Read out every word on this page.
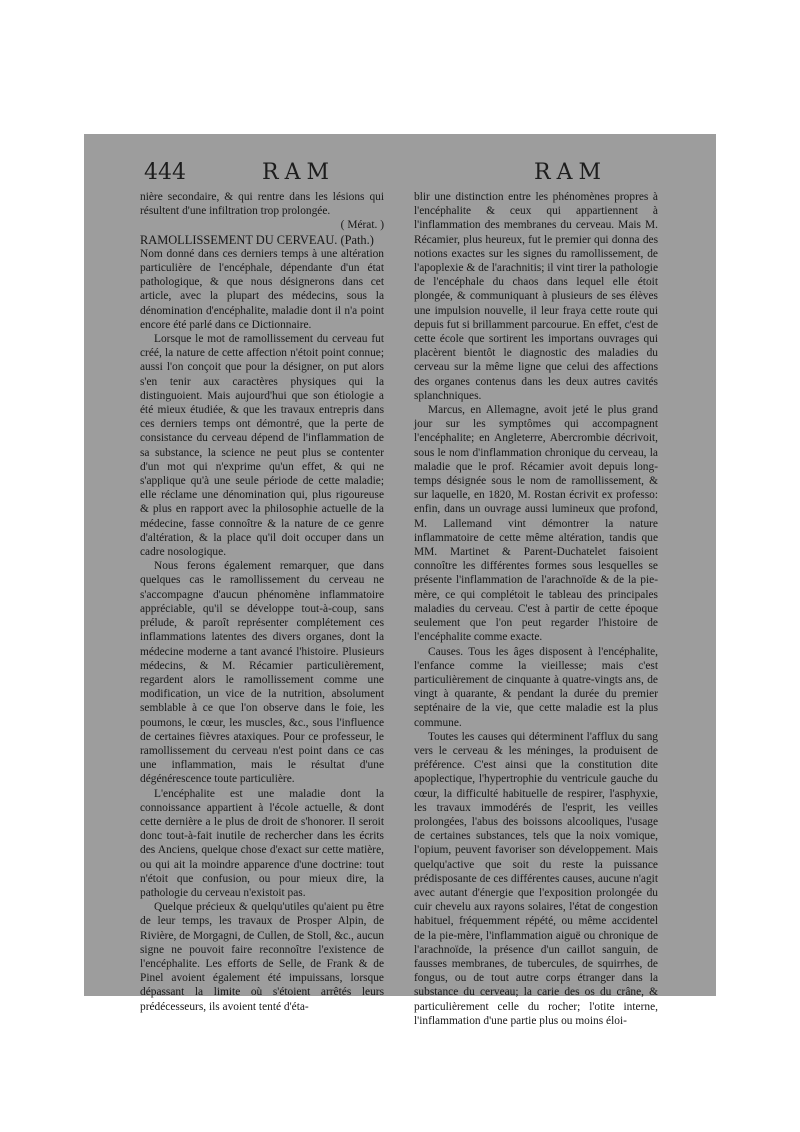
444	RAM	RAM

nière secondaire, & qui rentre dans les lésions qui résultent d'une infiltration trop prolongée.

( Mérat. )

RAMOLLISSEMENT DU CERVEAU. (Path.)

Nom donné dans ces derniers temps à une altération particulière de l'encéphale, dépendante d'un état pathologique, & que nous désignerons dans cet article, avec la plupart des médecins, sous la dénomination d'encéphalite, maladie dont il n'a point encore été parlé dans ce Dictionnaire.

Lorsque le mot de ramollissement du cerveau fut créé, la nature de cette affection n'étoit point connue; aussi l'on conçoit que pour la désigner, on put alors s'en tenir aux caractères physiques qui la distinguoient. Mais aujourd'hui que son étiologie a été mieux étudiée, & que les travaux entrepris dans ces derniers temps ont démontré, que la perte de consistance du cerveau dépend de l'inflammation de sa substance, la science ne peut plus se contenter d'un mot qui n'exprime qu'un effet, & qui ne s'applique qu'à une seule période de cette maladie; elle réclame une dénomination qui, plus rigoureuse & plus en rapport avec la philosophie actuelle de la médecine, fasse connoître & la nature de ce genre d'altération, & la place qu'il doit occuper dans un cadre nosologique.

Nous ferons également remarquer, que dans quelques cas le ramollissement du cerveau ne s'accompagne d'aucun phénomène inflammatoire appréciable, qu'il se développe tout-à-coup, sans prélude, & paroît représenter complétement ces inflammations latentes des divers organes, dont la médecine moderne a tant avancé l'histoire. Plusieurs médecins, & M. Récamier particulièrement, regardent alors le ramollissement comme une modification, un vice de la nutrition, absolument semblable à ce que l'on observe dans le foie, les poumons, le cœur, les muscles, &c., sous l'influence de certaines fièvres ataxiques. Pour ce professeur, le ramollissement du cerveau n'est point dans ce cas une inflammation, mais le résultat d'une dégénérescence toute particulière.

L'encéphalite est une maladie dont la connoissance appartient à l'école actuelle, & dont cette dernière a le plus de droit de s'honorer. Il seroit donc tout-à-fait inutile de rechercher dans les écrits des Anciens, quelque chose d'exact sur cette matière, ou qui ait la moindre apparence d'une doctrine: tout n'étoit que confusion, ou pour mieux dire, la pathologie du cerveau n'existoit pas.

Quelque précieux & quelqu'utiles qu'aient pu être de leur temps, les travaux de Prosper Alpin, de Rivière, de Morgagni, de Cullen, de Stoll, &c., aucun signe ne pouvoit faire reconnoître l'existence de l'encéphalite. Les efforts de Selle, de Frank & de Pinel avoient également été impuissans, lorsque dépassant la limite où s'étoient arrêtés leurs prédécesseurs, ils avoient tenté d'éta-

blir une distinction entre les phénomènes propres à l'encéphalite & ceux qui appartiennent à l'inflammation des membranes du cerveau. Mais M. Récamier, plus heureux, fut le premier qui donna des notions exactes sur les signes du ramollissement, de l'apoplexie & de l'arachnitis; il vint tirer la pathologie de l'encéphale du chaos dans lequel elle étoit plongée, & communiquant à plusieurs de ses élèves une impulsion nouvelle, il leur fraya cette route qui depuis fut si brillamment parcourue. En effet, c'est de cette école que sortirent les importans ouvrages qui placèrent bientôt le diagnostic des maladies du cerveau sur la même ligne que celui des affections des organes contenus dans les deux autres cavités splanchniques.

Marcus, en Allemagne, avoit jeté le plus grand jour sur les symptômes qui accompagnent l'encéphalite; en Angleterre, Abercrombie décrivoit, sous le nom d'inflammation chronique du cerveau, la maladie que le prof. Récamier avoit depuis long-temps désignée sous le nom de ramollissement, & sur laquelle, en 1820, M. Rostan écrivit ex professo: enfin, dans un ouvrage aussi lumineux que profond, M. Lallemand vint démontrer la nature inflammatoire de cette même altération, tandis que MM. Martinet & Parent-Duchatelet faisoient connoître les différentes formes sous lesquelles se présente l'inflammation de l'arachnoïde & de la pie-mère, ce qui complétoit le tableau des principales maladies du cerveau. C'est à partir de cette époque seulement que l'on peut regarder l'histoire de l'encéphalite comme exacte.

Causes. Tous les âges disposent à l'encéphalite, l'enfance comme la vieillesse; mais c'est particulièrement de cinquante à quatre-vingts ans, de vingt à quarante, & pendant la durée du premier septénaire de la vie, que cette maladie est la plus commune.

Toutes les causes qui déterminent l'afflux du sang vers le cerveau & les méninges, la produisent de préférence. C'est ainsi que la constitution dite apoplectique, l'hypertrophie du ventricule gauche du cœur, la difficulté habituelle de respirer, l'asphyxie, les travaux immodérés de l'esprit, les veilles prolongées, l'abus des boissons alcooliques, l'usage de certaines substances, tels que la noix vomique, l'opium, peuvent favoriser son développement. Mais quelqu'active que soit du reste la puissance prédisposante de ces différentes causes, aucune n'agit avec autant d'énergie que l'exposition prolongée du cuir chevelu aux rayons solaires, l'état de congestion habituel, fréquemment répété, ou même accidentel de la pie-mère, l'inflammation aiguë ou chronique de l'arachnoïde, la présence d'un caillot sanguin, de fausses membranes, de tubercules, de squirrhes, de fongus, ou de tout autre corps étranger dans la substance du cerveau; la carie des os du crâne, & particulièrement celle du rocher; l'otite interne, l'inflammation d'une partie plus ou moins éloi-
